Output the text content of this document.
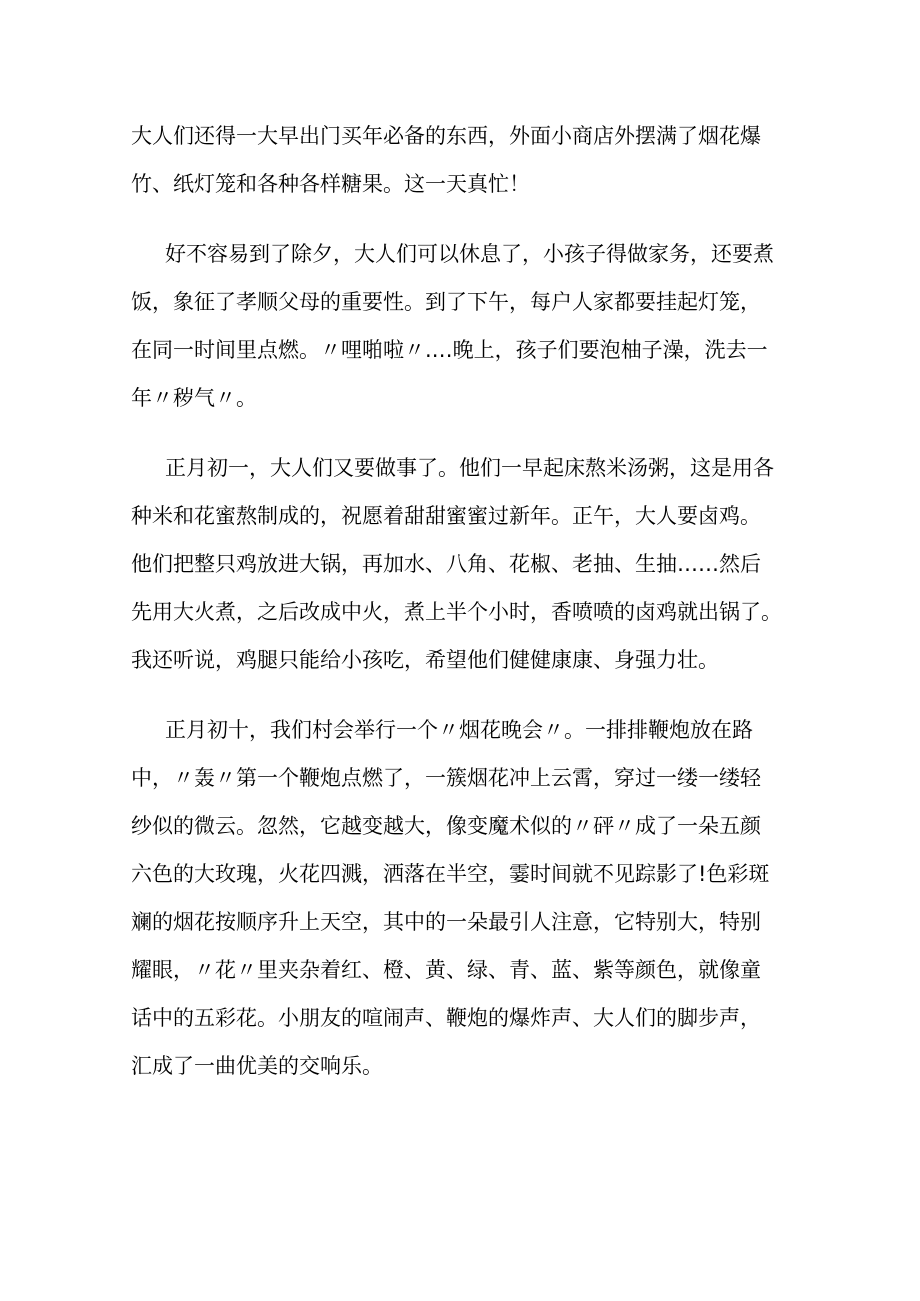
大人们还得一大早出门买年必备的东西，外面小商店外摆满了烟花爆
竹、纸灯笼和各种各样糖果。这一天真忙！
好不容易到了除夕，大人们可以休息了，小孩子得做家务，还要煮
饭，象征了孝顺父母的重要性。到了下午，每户人家都要挂起灯笼，
在同一时间里点燃。〃哩啪啦〃.…晚上，孩子们要泡柚子澡，洗去一
年〃秽气〃。
正月初一，大人们又要做事了。他们一早起床熬米汤粥，这是用各
种米和花蜜熬制成的，祝愿着甜甜蜜蜜过新年。正午，大人要卤鸡。
他们把整只鸡放进大锅，再加水、八角、花椒、老抽、生抽……然后
先用大火煮，之后改成中火，煮上半个小时，香喷喷的卤鸡就出锅了。
我还听说，鸡腿只能给小孩吃，希望他们健健康康、身强力壮。
正月初十，我们村会举行一个〃烟花晚会〃。一排排鞭炮放在路
中，〃轰〃第一个鞭炮点燃了，一簇烟花冲上云霄，穿过一缕一缕轻
纱似的微云。忽然，它越变越大，像变魔术似的〃砰〃成了一朵五颜
六色的大玫瑰，火花四溅，洒落在半空，霎时间就不见踪影了!色彩斑
斓的烟花按顺序升上天空，其中的一朵最引人注意，它特别大，特别
耀眼，〃花〃里夹杂着红、橙、黄、绿、青、蓝、紫等颜色，就像童
话中的五彩花。小朋友的喧闹声、鞭炮的爆炸声、大人们的脚步声，
汇成了一曲优美的交响乐。
